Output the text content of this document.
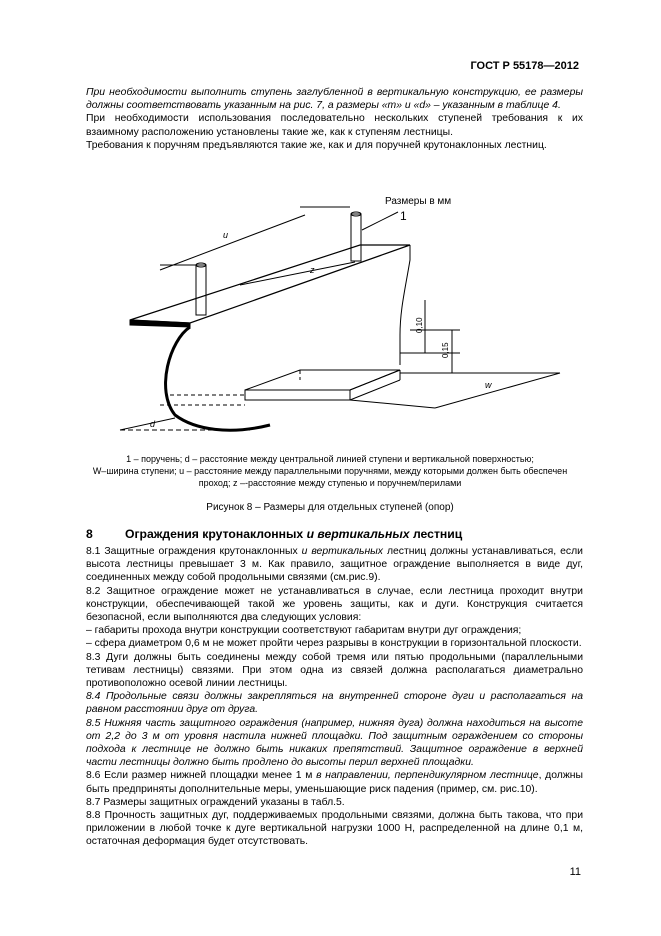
ГОСТ Р 55178—2012

При необходимости выполнить ступень заглубленной в вертикальную конструкцию, ее размеры должны соответствовать указанным на рис. 7, а размеры «т» и «d» – указанным в таблице 4.

При необходимости использования последовательно нескольких ступеней требования к их взаимному расположению установлены такие же, как к ступеням лестницы.

Требования к поручням предъявляются такие же, как и для поручней крутонаклонных лестниц.

Размеры в мм
1
u
z
d
w
0,10
0,15
1 – поручень; d – расстояние между центральной линией ступени и вертикальной поверхностью;
W–ширина ступени; u – расстояние между параллельными поручнями, между которыми должен быть обеспечен
проход; z –-расстояние между ступенью и поручнем/перилами
Рисунок 8 – Размеры для отдельных ступеней (опор)
8	Ограждения крутонаклонных и вертикальных лестниц

8.1 Защитные ограждения крутонаклонных и вертикальных лестниц должны устанавливаться, если высота лестницы превышает 3 м. Как правило, защитное ограждение выполняется в виде дуг, соединенных между собой продольными связями (см.рис.9).

8.2 Защитное ограждение может не устанавливаться в случае, если лестница проходит внутри конструкции, обеспечивающей такой же уровень защиты, как и дуги. Конструкция считается безопасной, если выполняются два следующих условия:

– габариты прохода внутри конструкции соответствуют габаритам внутри дуг ограждения;

– сфера диаметром 0,6 м не может пройти через разрывы в конструкции в горизонтальной плоскости.

8.3 Дуги должны быть соединены между собой тремя или пятью продольными (параллельными тетивам лестницы) связями. При этом одна из связей должна располагаться диаметрально противоположно осевой линии лестницы.

8.4 Продольные связи должны закрепляться на внутренней стороне дуги и располагаться на равном расстоянии друг от друга.

8.5 Нижняя часть защитного ограждения (например, нижняя дуга) должна находиться на высоте от 2,2 до 3 м от уровня настила нижней площадки. Под защитным ограждением со стороны подхода к лестнице не должно быть никаких препятствий. Защитное ограждение в верхней части лестницы должно быть продлено до высоты перил верхней площадки.

8.6 Если размер нижней площадки менее 1 м в направлении, перпендикулярном лестнице, должны быть предприняты дополнительные меры, уменьшающие риск падения (пример, см. рис.10).

8.7 Размеры защитных ограждений указаны в табл.5.

8.8 Прочность защитных дуг, поддерживаемых продольными связями, должна быть такова, что при приложении в любой точке к дуге вертикальной нагрузки 1000 Н, распределенной на длине 0,1 м, остаточная деформация будет отсутствовать.

11
